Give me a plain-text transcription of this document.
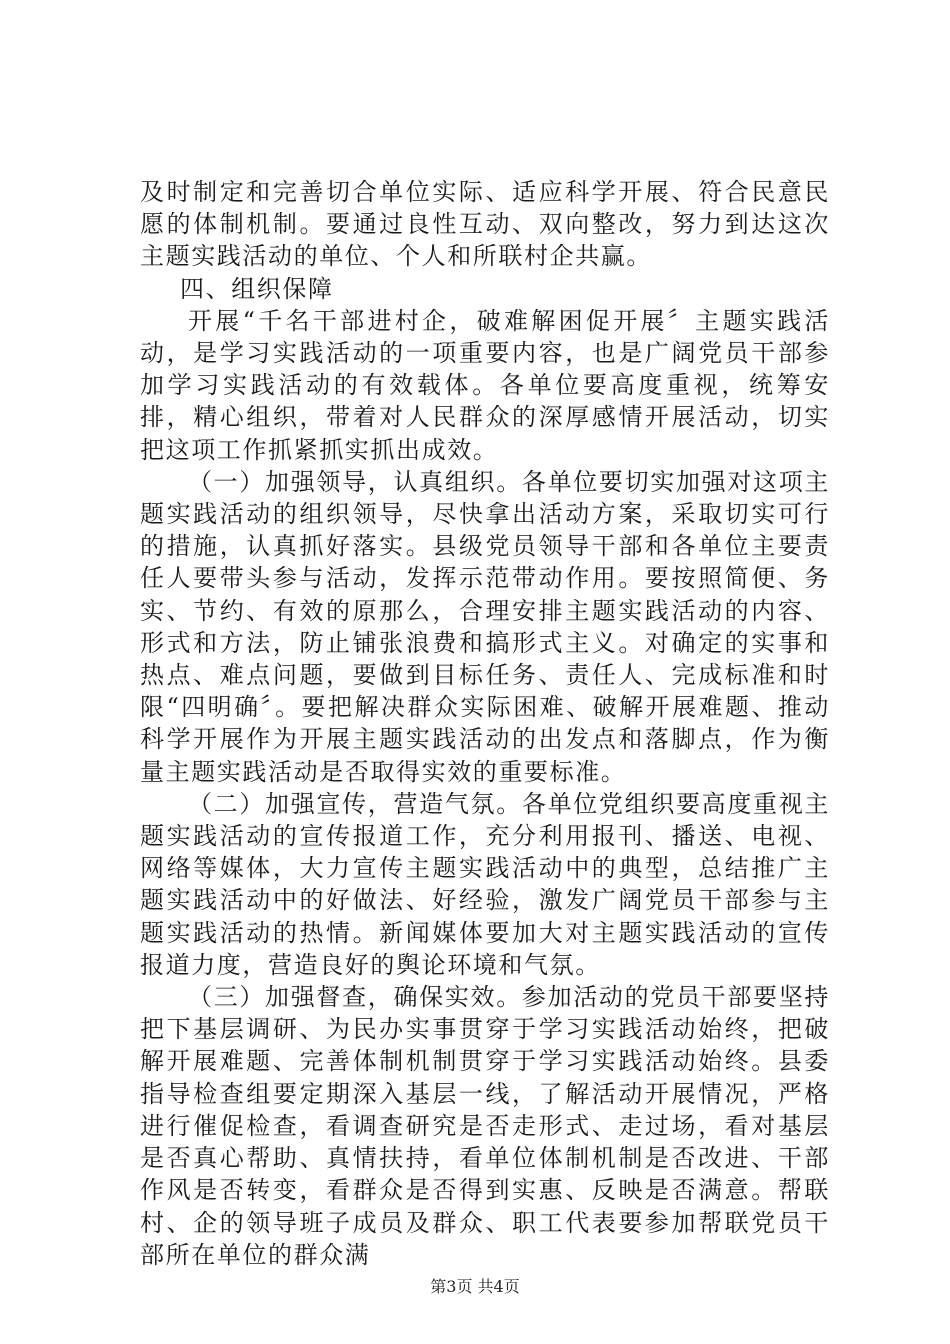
及时制定和完善切合单位实际、适应科学开展、符合民意民愿的体制机制。要通过良性互动、双向整改，努力到达这次主题实践活动的单位、个人和所联村企共赢。

四、组织保障

开展“千名干部进村企，破难解困促开展〞主题实践活动，是学习实践活动的一项重要内容，也是广阔党员干部参加学习实践活动的有效载体。各单位要高度重视，统筹安排，精心组织，带着对人民群众的深厚感情开展活动，切实把这项工作抓紧抓实抓出成效。

（一）加强领导，认真组织。各单位要切实加强对这项主题实践活动的组织领导，尽快拿出活动方案，采取切实可行的措施，认真抓好落实。县级党员领导干部和各单位主要责任人要带头参与活动，发挥示范带动作用。要按照简便、务实、节约、有效的原那么，合理安排主题实践活动的内容、形式和方法，防止铺张浪费和搞形式主义。对确定的实事和热点、难点问题，要做到目标任务、责任人、完成标准和时限“四明确〞。要把解决群众实际困难、破解开展难题、推动科学开展作为开展主题实践活动的出发点和落脚点，作为衡量主题实践活动是否取得实效的重要标准。

（二）加强宣传，营造气氛。各单位党组织要高度重视主题实践活动的宣传报道工作，充分利用报刊、播送、电视、网络等媒体，大力宣传主题实践活动中的典型，总结推广主题实践活动中的好做法、好经验，激发广阔党员干部参与主题实践活动的热情。新闻媒体要加大对主题实践活动的宣传报道力度，营造良好的舆论环境和气氛。

（三）加强督查，确保实效。参加活动的党员干部要坚持把下基层调研、为民办实事贯穿于学习实践活动始终，把破解开展难题、完善体制机制贯穿于学习实践活动始终。县委指导检查组要定期深入基层一线，了解活动开展情况，严格进行催促检查，看调查研究是否走形式、走过场，看对基层是否真心帮助、真情扶持，看单位体制机制是否改进、干部作风是否转变，看群众是否得到实惠、反映是否满意。帮联村、企的领导班子成员及群众、职工代表要参加帮联党员干部所在单位的群众满

第3页 共4页
